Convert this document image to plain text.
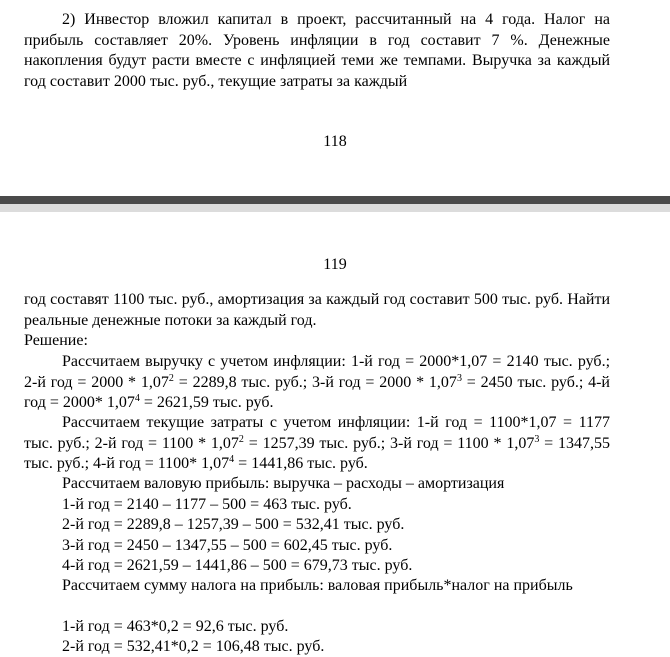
2) Инвестор вложил капитал в проект, рассчитанный на 4 года. Налог на прибыль составляет 20%. Уровень инфляции в год составит 7 %. Денежные накопления будут расти вместе с инфляцией теми же темпами. Выручка за каждый год составит 2000 тыс. руб., текущие затраты за каждый

118
119

год составят 1100 тыс. руб., амортизация за каждый год составит 500 тыс. руб. Найти реальные денежные потоки за каждый год.

Решение:

Рассчитаем выручку с учетом инфляции: 1-й год = 2000*1,07 = 2140 тыс. руб.; 2-й год = $2000 * 1,07^2 = 2289,8$ тыс. руб.; 3-й год = $2000 * 1,07^3 = 2450$ тыс. руб.; 4-й год = 2000* $1,07^4 = 2621,59$ тыс. руб.

Рассчитаем текущие затраты с учетом инфляции: 1-й год = 1100*1,07 = 1177 тыс. руб.; 2-й год = $1100 * 1,07^2 = 1257,39$ тыс. руб.; 3-й год = $1100 * 1,07^3 = 1347,55$ тыс. руб.; 4-й год = 1100* $1,07^4 = 1441,86$ тыс. руб.

Рассчитаем валовую прибыль: выручка – расходы – амортизация
1-й год = 2140 – 1177 – 500 = 463 тыс. руб.
2-й год = 2289,8 – 1257,39 – 500 = 532,41 тыс. руб.
3-й год = 2450 – 1347,55 – 500 = 602,45 тыс. руб.
4-й год = 2621,59 – 1441,86 – 500 = 679,73 тыс. руб.

Рассчитаем сумму налога на прибыль: валовая прибыль*налог на прибыль

1-й год = 463*0,2 = 92,6 тыс. руб.
2-й год = 532,41*0,2 = 106,48 тыс. руб.
